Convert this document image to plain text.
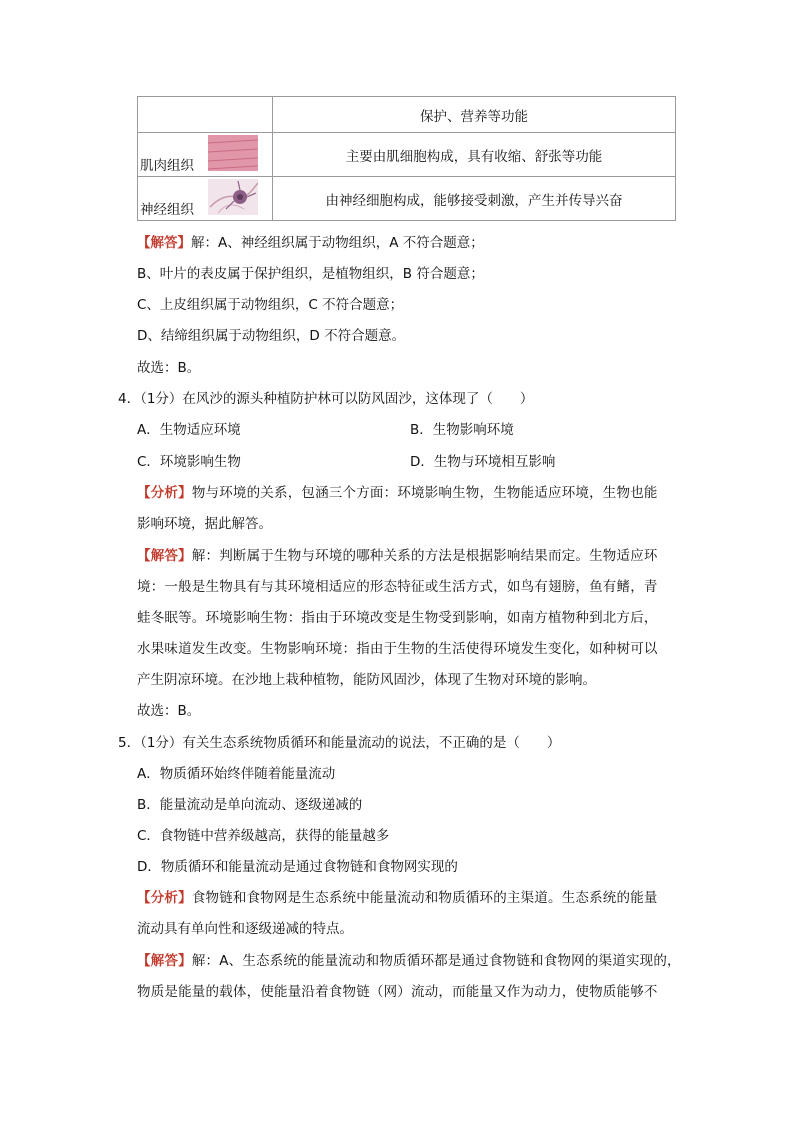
	保护、营养等功能

肌肉组织	主要由肌细胞构成，具有收缩、舒张等功能

神经组织	由神经细胞构成，能够接受刺激，产生并传导兴奋
【解答】解：A、神经组织属于动物组织，A 不符合题意；
B、叶片的表皮属于保护组织，是植物组织，B 符合题意；
C、上皮组织属于动物组织，C 不符合题意；
D、结缔组织属于动物组织，D 不符合题意。
故选：B。
4．（1分）在风沙的源头种植防护林可以防风固沙，这体现了（　　）
A．生物适应环境	B．生物影响环境
C．环境影响生物	D．生物与环境相互影响
【分析】物与环境的关系，包涵三个方面：环境影响生物，生物能适应环境，生物也能
影响环境，据此解答。
【解答】解：判断属于生物与环境的哪种关系的方法是根据影响结果而定。生物适应环
境：一般是生物具有与其环境相适应的形态特征或生活方式，如鸟有翅膀，鱼有鳍，青
蛙冬眠等。环境影响生物：指由于环境改变是生物受到影响，如南方植物种到北方后，
水果味道发生改变。生物影响环境：指由于生物的生活使得环境发生变化，如种树可以
产生阴凉环境。在沙地上栽种植物，能防风固沙，体现了生物对环境的影响。
故选：B。
5．（1分）有关生态系统物质循环和能量流动的说法，不正确的是（　　）
A．物质循环始终伴随着能量流动
B．能量流动是单向流动、逐级递减的
C．食物链中营养级越高，获得的能量越多
D．物质循环和能量流动是通过食物链和食物网实现的
【分析】食物链和食物网是生态系统中能量流动和物质循环的主渠道。生态系统的能量
流动具有单向性和逐级递减的特点。
【解答】解：A、生态系统的能量流动和物质循环都是通过食物链和食物网的渠道实现的，
物质是能量的载体，使能量沿着食物链（网）流动，而能量又作为动力，使物质能够不
